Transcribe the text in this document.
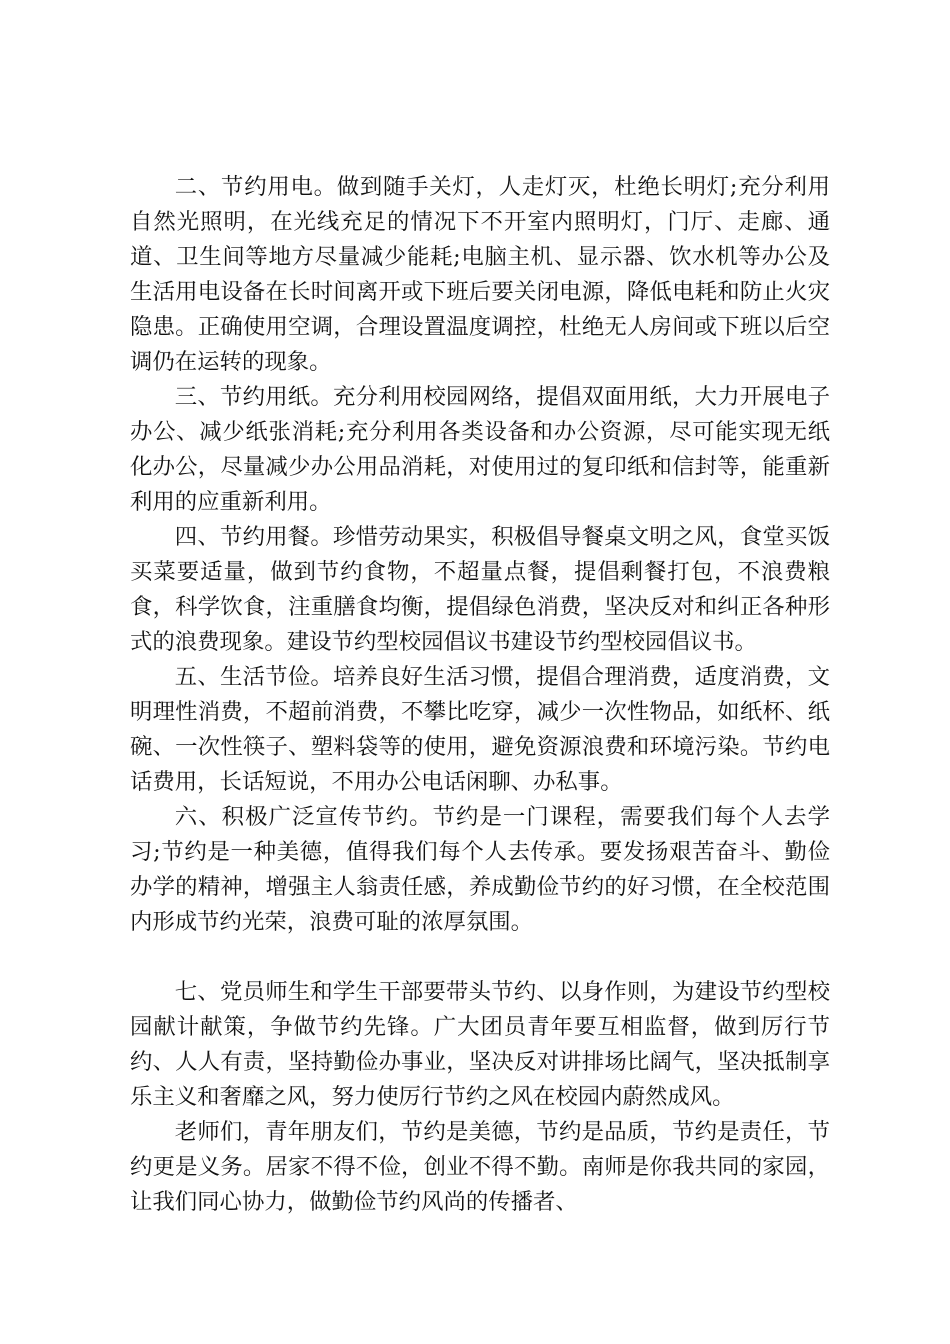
二、节约用电。做到随手关灯，人走灯灭，杜绝长明灯;充分利用自然光照明，在光线充足的情况下不开室内照明灯，门厅、走廊、通道、卫生间等地方尽量减少能耗;电脑主机、显示器、饮水机等办公及生活用电设备在长时间离开或下班后要关闭电源，降低电耗和防止火灾隐患。正确使用空调，合理设置温度调控，杜绝无人房间或下班以后空调仍在运转的现象。

三、节约用纸。充分利用校园网络，提倡双面用纸，大力开展电子办公、减少纸张消耗;充分利用各类设备和办公资源，尽可能实现无纸化办公，尽量减少办公用品消耗，对使用过的复印纸和信封等，能重新利用的应重新利用。

四、节约用餐。珍惜劳动果实，积极倡导餐桌文明之风，食堂买饭买菜要适量，做到节约食物，不超量点餐，提倡剩餐打包，不浪费粮食，科学饮食，注重膳食均衡，提倡绿色消费，坚决反对和纠正各种形式的浪费现象。建设节约型校园倡议书建设节约型校园倡议书。

五、生活节俭。培养良好生活习惯，提倡合理消费，适度消费，文明理性消费，不超前消费，不攀比吃穿，减少一次性物品，如纸杯、纸碗、一次性筷子、塑料袋等的使用，避免资源浪费和环境污染。节约电话费用，长话短说，不用办公电话闲聊、办私事。

六、积极广泛宣传节约。节约是一门课程，需要我们每个人去学习;节约是一种美德，值得我们每个人去传承。要发扬艰苦奋斗、勤俭办学的精神，增强主人翁责任感，养成勤俭节约的好习惯，在全校范围内形成节约光荣，浪费可耻的浓厚氛围。

七、党员师生和学生干部要带头节约、以身作则，为建设节约型校园献计献策，争做节约先锋。广大团员青年要互相监督，做到厉行节约、人人有责，坚持勤俭办事业，坚决反对讲排场比阔气，坚决抵制享乐主义和奢靡之风，努力使厉行节约之风在校园内蔚然成风。

老师们，青年朋友们，节约是美德，节约是品质，节约是责任，节约更是义务。居家不得不俭，创业不得不勤。南师是你我共同的家园，让我们同心协力，做勤俭节约风尚的传播者、
